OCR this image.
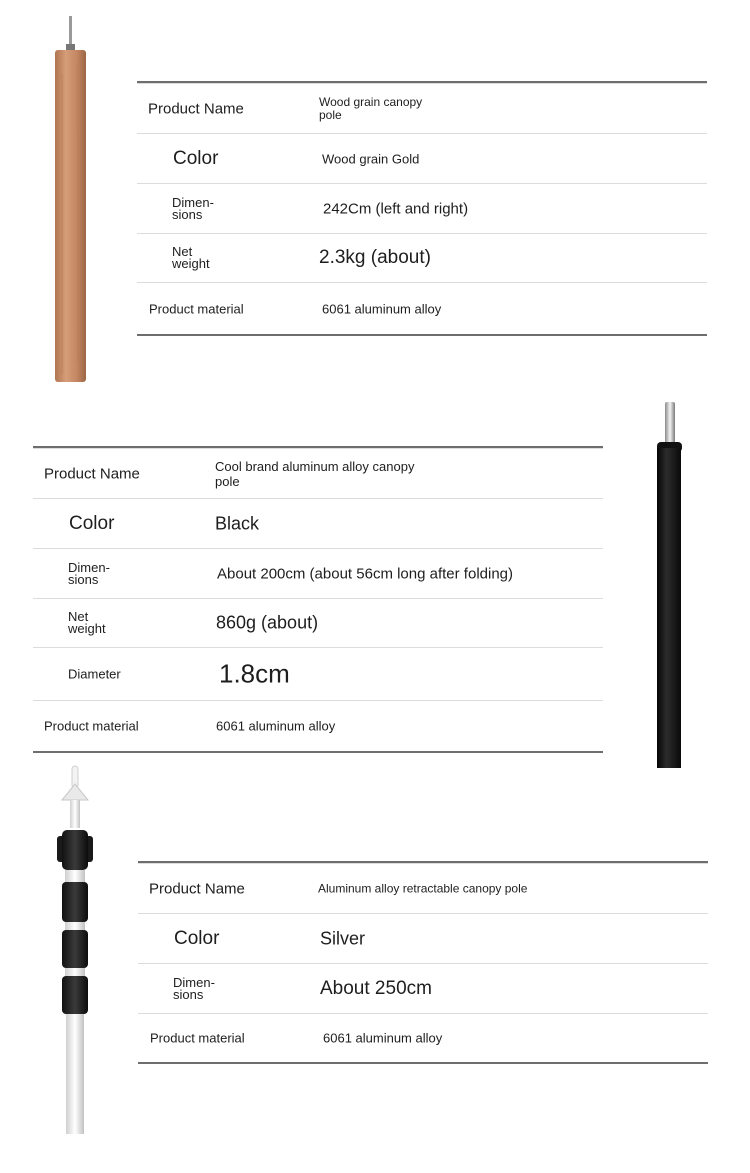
Product Name	Wood grain canopy
pole
Color	Wood grain Gold
Dimen-
sions	242Cm (left and right)
Net
weight	2.3kg (about)
Product material	6061 aluminum alloy
Product Name	Cool brand aluminum alloy canopy
pole
Color	Black
Dimen-
sions	About 200cm (about 56cm long after folding)
Net
weight	860g (about)
Diameter	1.8cm
Product material	6061 aluminum alloy
Product Name	Aluminum alloy retractable canopy pole
Color	Silver
Dimen-
sions	About 250cm
Product material	6061 aluminum alloy
